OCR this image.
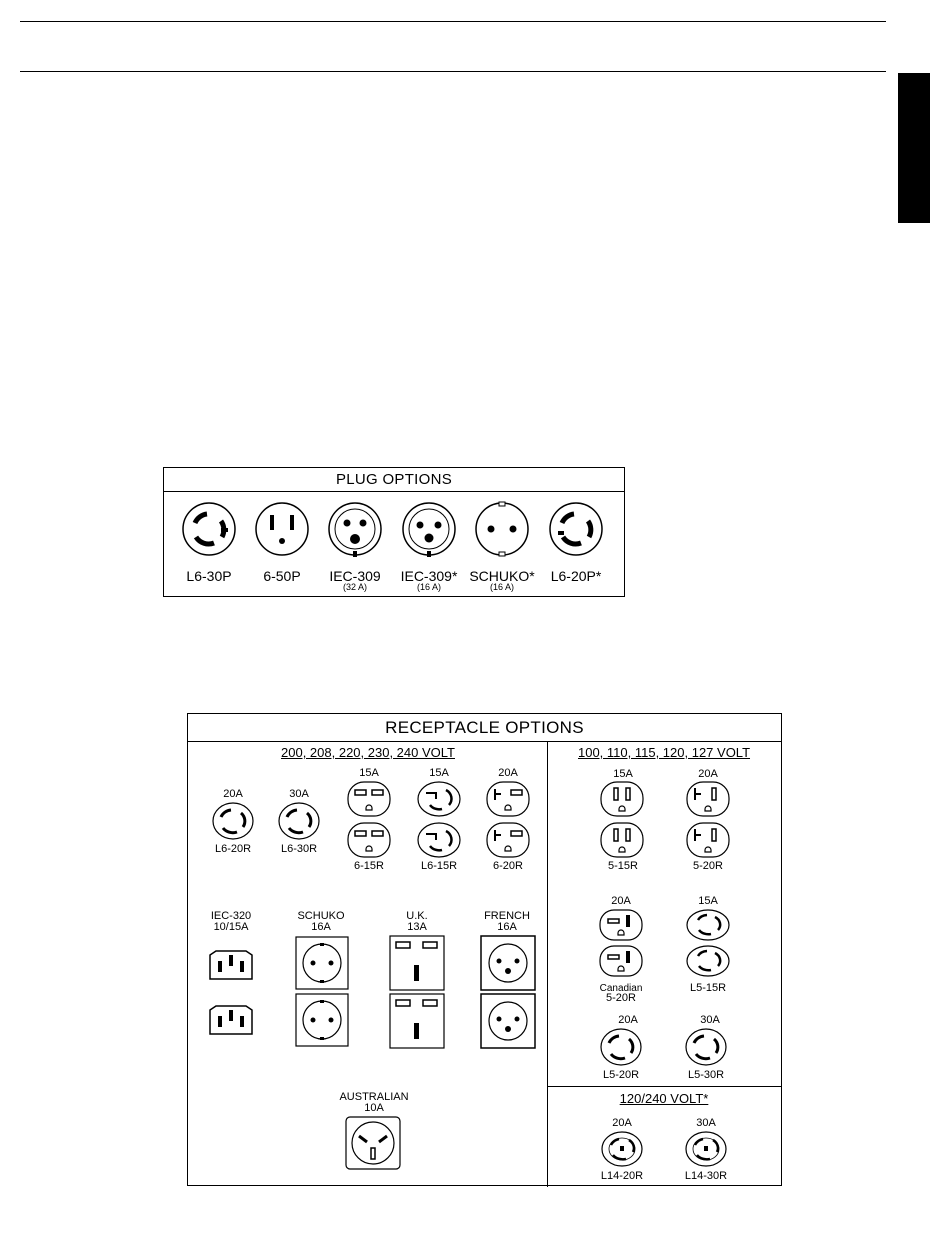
PLUG OPTIONS
L6-30P 6-50P IEC-309
(32 A)
IEC-309*
(16 A)
SCHUKO*
(16 A)
L6-20P*
RECEPTACLE OPTIONS
200, 208, 220, 230, 240 VOLT	100, 110, 115, 120, 127 VOLT
120/240 VOLT*
20A
L6-20R
30A
L6-30R
15A
6-15R
15A
L6-15R
20A
6-20R
IEC-320
10/15A
SCHUKO
16A
U.K.
13A
FRENCH
16A
AUSTRALIAN
10A
15A
5-15R
20A
5-20R
20A
Canadian
5-20R
15A
L5-15R
20A
L5-20R
30A
L5-30R
20A
L14-20R
30A
L14-30R
